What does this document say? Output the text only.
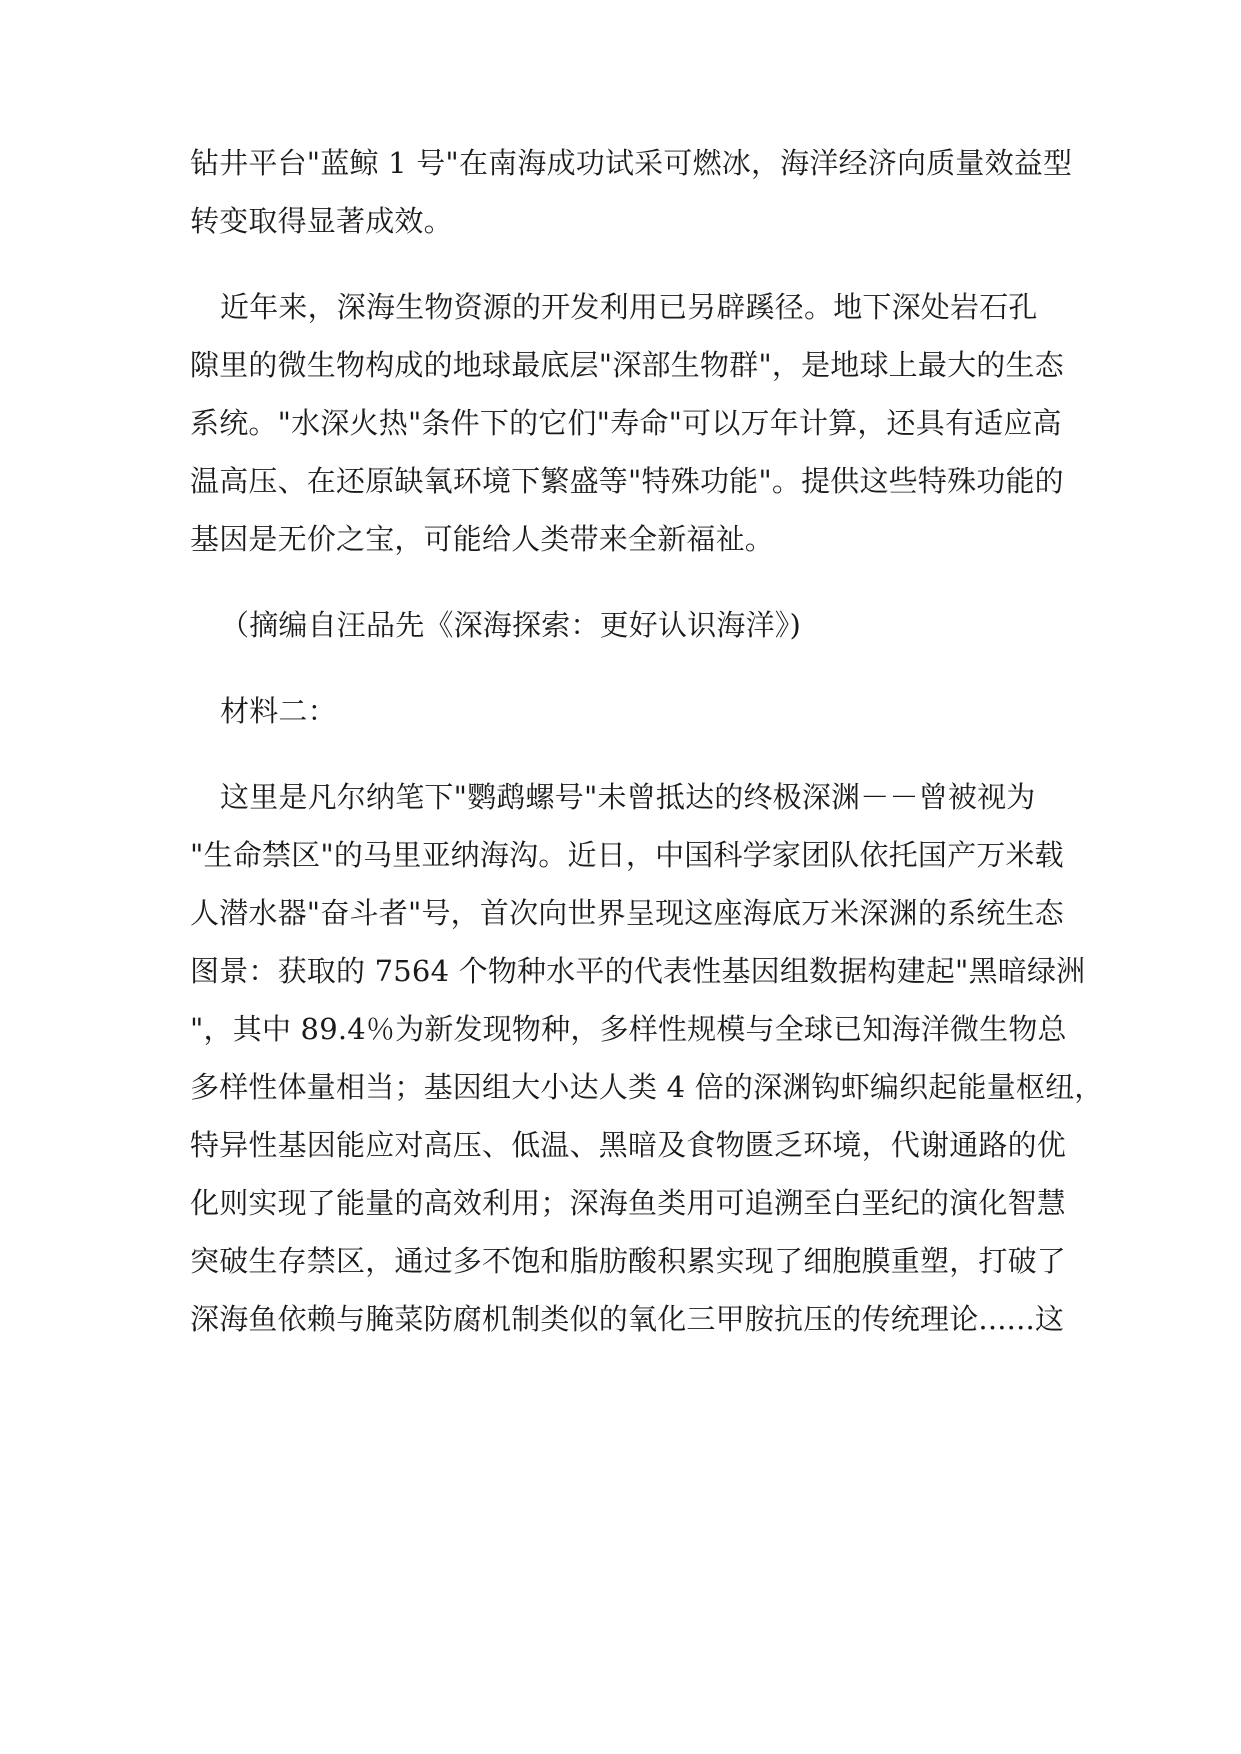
钻井平台"蓝鲸 1 号"在南海成功试采可燃冰，海洋经济向质量效益型
转变取得显著成效。
近年来，深海生物资源的开发利用已另辟蹊径。地下深处岩石孔
隙里的微生物构成的地球最底层"深部生物群"，是地球上最大的生态
系统。"水深火热"条件下的它们"寿命"可以万年计算，还具有适应高
温高压、在还原缺氧环境下繁盛等"特殊功能"。提供这些特殊功能的
基因是无价之宝，可能给人类带来全新福祉。
（摘编自汪品先《深海探索：更好认识海洋》)
材料二：
这里是凡尔纳笔下"鹦鹉螺号"未曾抵达的终极深渊－－曾被视为
"生命禁区"的马里亚纳海沟。近日，中国科学家团队依托国产万米载
人潜水器"奋斗者"号，首次向世界呈现这座海底万米深渊的系统生态
图景：获取的 7564 个物种水平的代表性基因组数据构建起"黑暗绿洲
"，其中 89.4％为新发现物种，多样性规模与全球已知海洋微生物总
多样性体量相当；基因组大小达人类 4 倍的深渊钩虾编织起能量枢纽，
特异性基因能应对高压、低温、黑暗及食物匮乏环境，代谢通路的优
化则实现了能量的高效利用；深海鱼类用可追溯至白垩纪的演化智慧
突破生存禁区，通过多不饱和脂肪酸积累实现了细胞膜重塑，打破了
深海鱼依赖与腌菜防腐机制类似的氧化三甲胺抗压的传统理论......这
